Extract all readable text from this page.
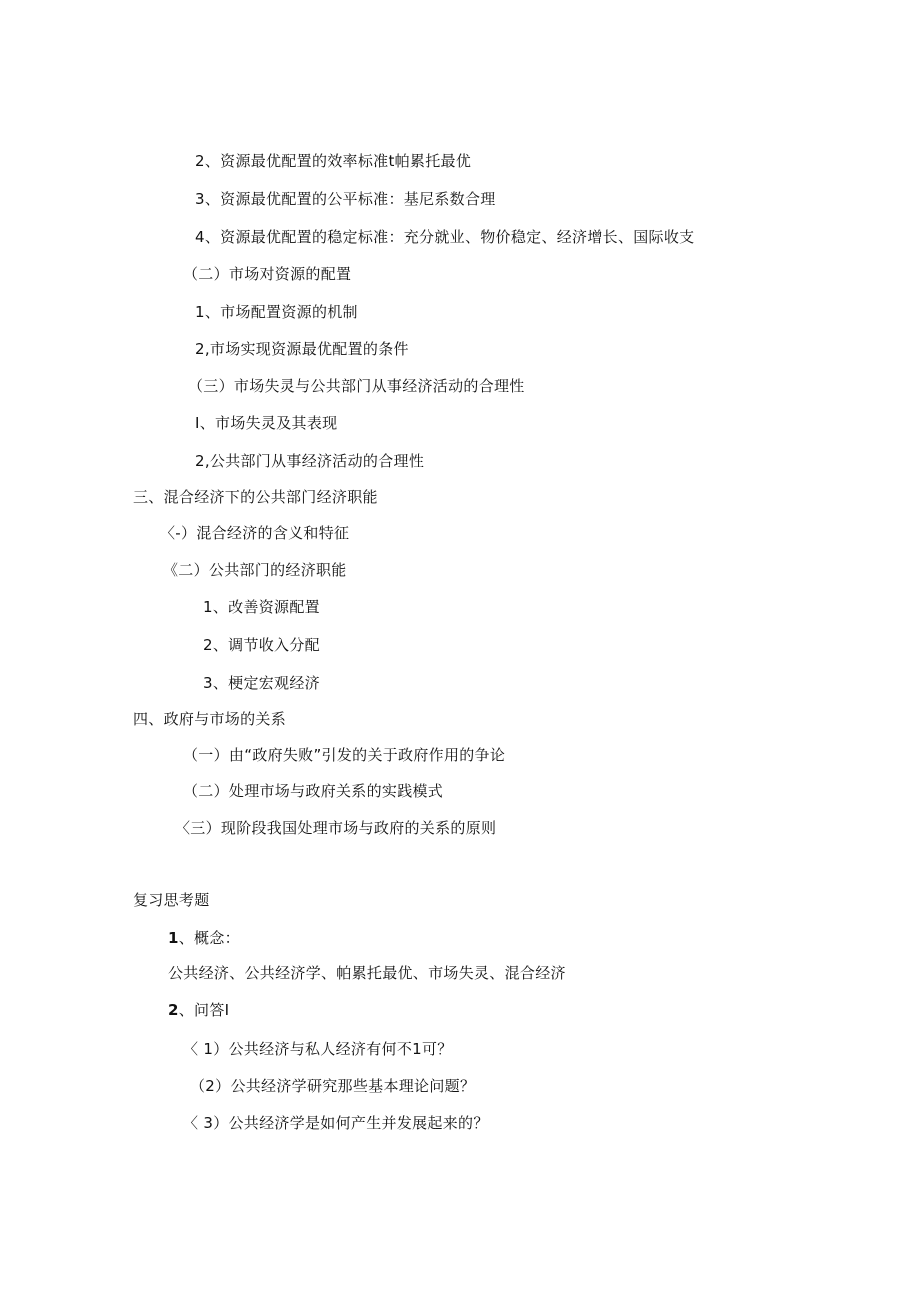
2、资源最优配置的效率标准t帕累托最优
3、资源最优配置的公平标准：基尼系数合理
4、资源最优配置的稳定标准：充分就业、物价稳定、经济增长、国际收支
（二）市场对资源的配置
1、市场配置资源的机制
2,市场实现资源最优配置的条件
（三）市场失灵与公共部门从事经济活动的合理性
I、市场失灵及其表现
2,公共部门从事经济活动的合理性
三、混合经济下的公共部门经济职能
〈-）混合经济的含义和特征
《二）公共部门的经济职能
1、改善资源配置
2、调节收入分配
3、梗定宏观经济
四、政府与市场的关系
（一）由“政府失败”引发的关于政府作用的争论
（二）处理市场与政府关系的实践模式
〈三）现阶段我国处理市场与政府的关系的原则
复习思考题
1、概念：
公共经济、公共经济学、帕累托最优、市场失灵、混合经济
2、问答I
〈 1）公共经济与私人经济有何不1可？
（2）公共经济学研究那些基本理论问题？
〈 3）公共经济学是如何产生并发展起来的？
